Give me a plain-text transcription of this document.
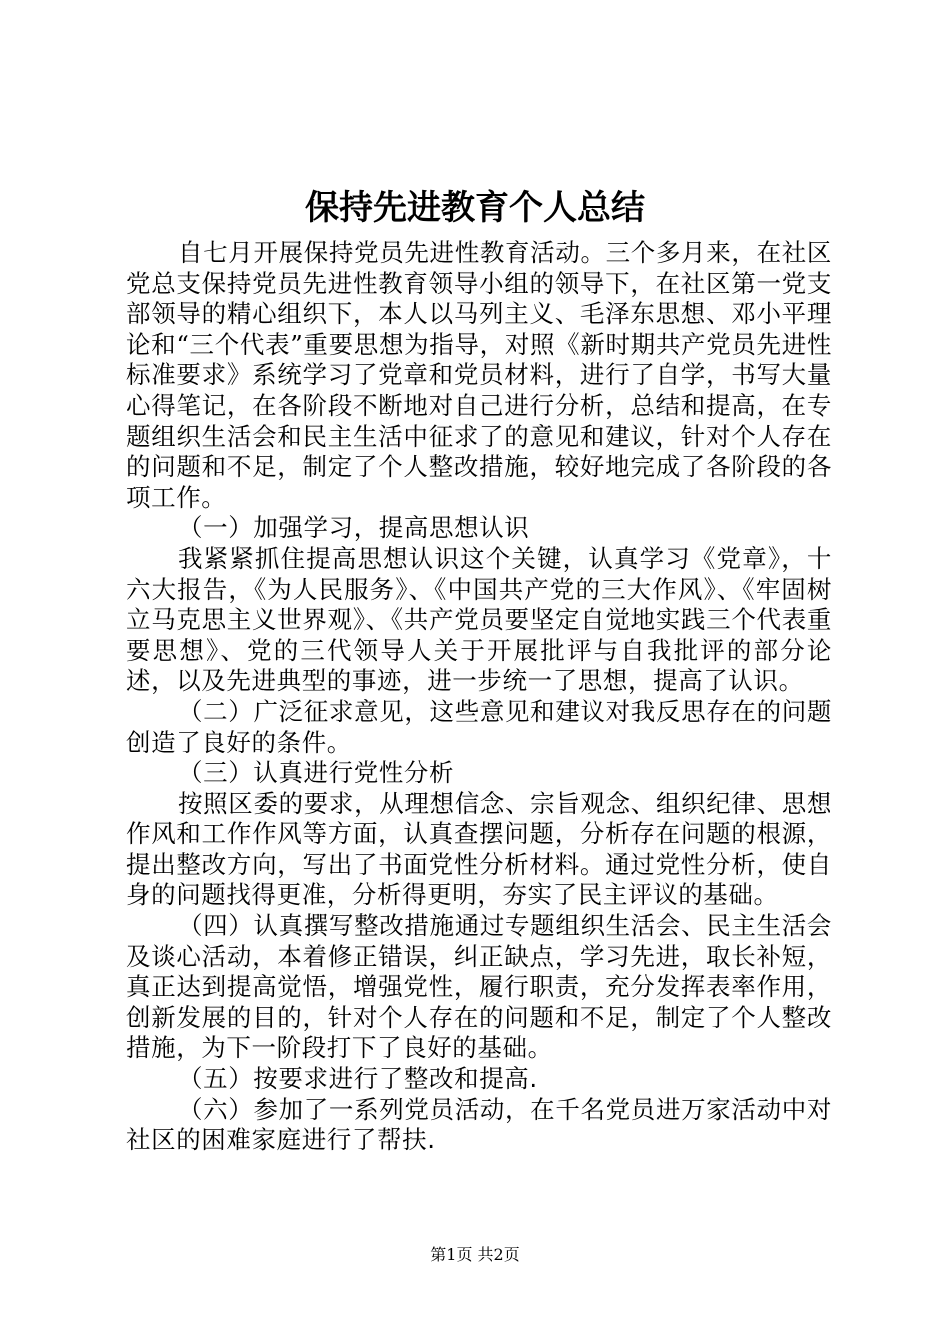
保持先进教育个人总结

自七月开展保持党员先进性教育活动。三个多月来，在社区党总支保持党员先进性教育领导小组的领导下，在社区第一党支部领导的精心组织下，本人以马列主义、毛泽东思想、邓小平理论和“三个代表”重要思想为指导，对照《新时期共产党员先进性标准要求》系统学习了党章和党员材料，进行了自学，书写大量心得笔记，在各阶段不断地对自己进行分析，总结和提高，在专题组织生活会和民主生活中征求了的意见和建议，针对个人存在的问题和不足，制定了个人整改措施，较好地完成了各阶段的各项工作。

（一）加强学习，提高思想认识

我紧紧抓住提高思想认识这个关键，认真学习《党章》，十六大报告，《为人民服务》、《中国共产党的三大作风》、《牢固树立马克思主义世界观》、《共产党员要坚定自觉地实践三个代表重要思想》、党的三代领导人关于开展批评与自我批评的部分论述，以及先进典型的事迹，进一步统一了思想，提高了认识。

（二）广泛征求意见，这些意见和建议对我反思存在的问题创造了良好的条件。

（三）认真进行党性分析

按照区委的要求，从理想信念、宗旨观念、组织纪律、思想作风和工作作风等方面，认真查摆问题，分析存在问题的根源，提出整改方向，写出了书面党性分析材料。通过党性分析，使自身的问题找得更准，分析得更明，夯实了民主评议的基础。

（四）认真撰写整改措施通过专题组织生活会、民主生活会及谈心活动，本着修正错误，纠正缺点，学习先进，取长补短，真正达到提高觉悟，增强党性，履行职责，充分发挥表率作用，创新发展的目的，针对个人存在的问题和不足，制定了个人整改措施，为下一阶段打下了良好的基础。

（五）按要求进行了整改和提高.

（六）参加了一系列党员活动，在千名党员进万家活动中对社区的困难家庭进行了帮扶.

第1页 共2页
